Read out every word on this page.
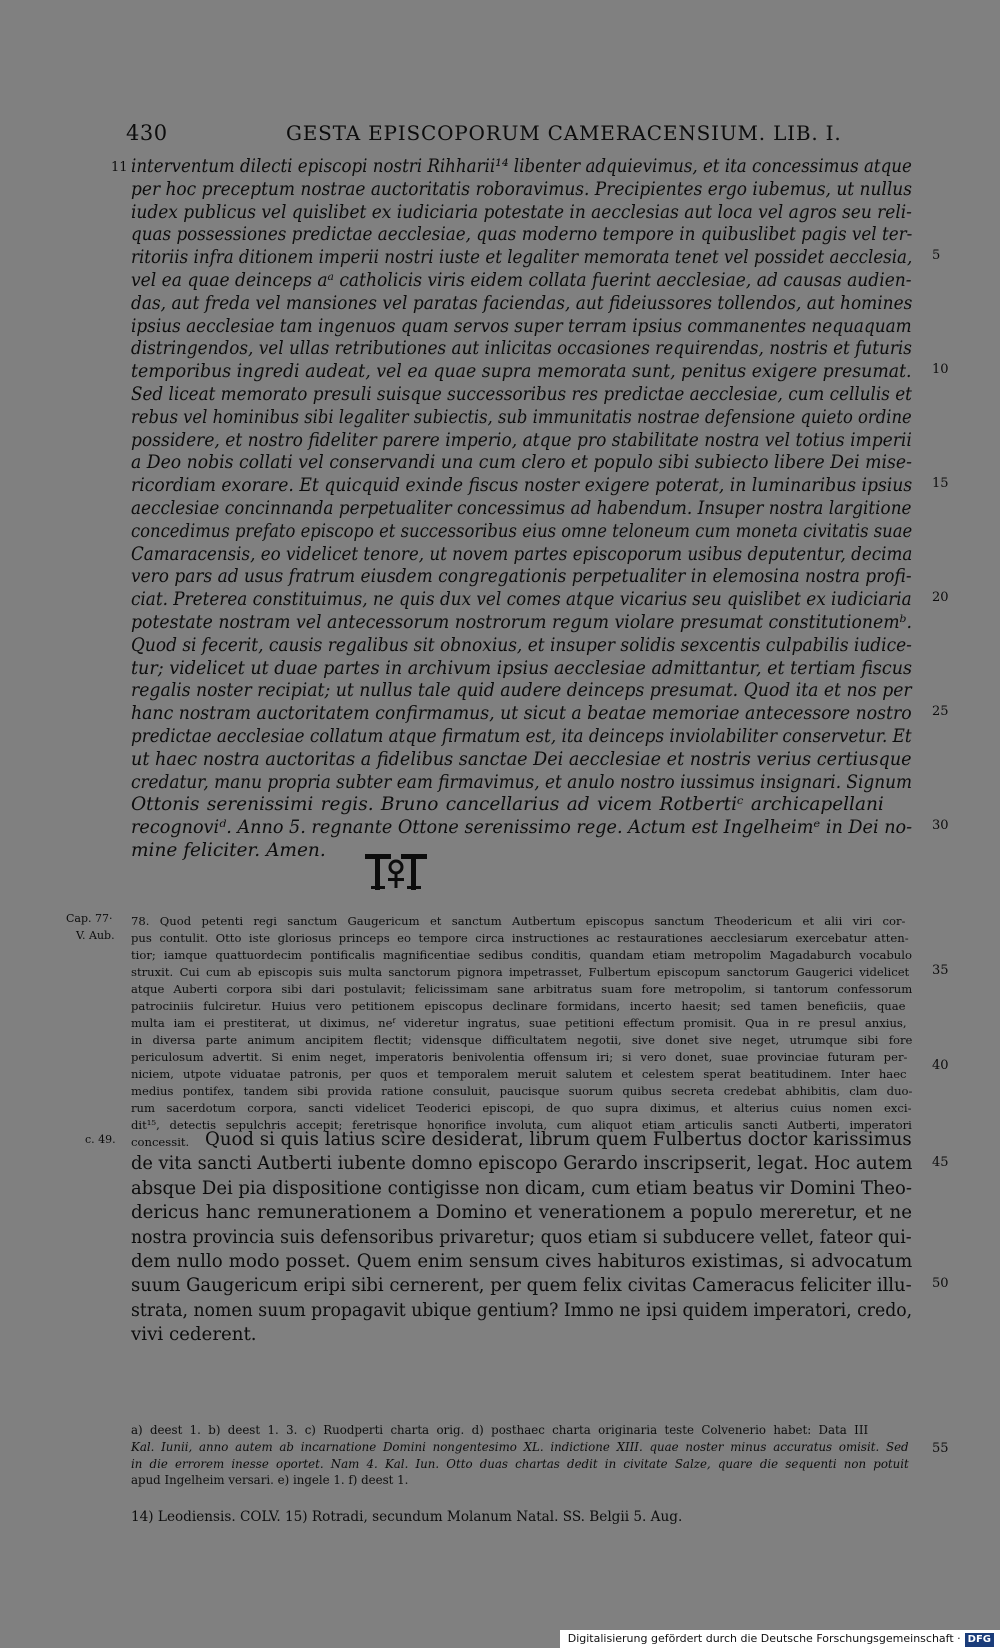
430	GESTA EPISCOPORUM CAMERACENSIUM. LIB. I.
interventum dilecti episcopi nostri Rihharii¹⁴ libenter adquievimus, et ita concessimus atque
per hoc preceptum nostrae auctoritatis roboravimus. Precipientes ergo iubemus, ut nullus
iudex publicus vel quislibet ex iudiciaria potestate in aecclesias aut loca vel agros seu reli-
quas possessiones predictae aecclesiae, quas moderno tempore in quibuslibet pagis vel ter-
ritoriis infra ditionem imperii nostri iuste et legaliter memorata tenet vel possidet aecclesia,
vel ea quae deinceps aᵃ catholicis viris eidem collata fuerint aecclesiae, ad causas audien-
das, aut freda vel mansiones vel paratas faciendas, aut fideiussores tollendos, aut homines
ipsius aecclesiae tam ingenuos quam servos super terram ipsius commanentes nequaquam
distringendos, vel ullas retributiones aut inlicitas occasiones requirendas, nostris et futuris
temporibus ingredi audeat, vel ea quae supra memorata sunt, penitus exigere presumat.
Sed liceat memorato presuli suisque successoribus res predictae aecclesiae, cum cellulis et
rebus vel hominibus sibi legaliter subiectis, sub immunitatis nostrae defensione quieto ordine
possidere, et nostro fideliter parere imperio, atque pro stabilitate nostra vel totius imperii
a Deo nobis collati vel conservandi una cum clero et populo sibi subiecto libere Dei mise-
ricordiam exorare. Et quicquid exinde fiscus noster exigere poterat, in luminaribus ipsius
aecclesiae concinnanda perpetualiter concessimus ad habendum. Insuper nostra largitione
concedimus prefato episcopo et successoribus eius omne teloneum cum moneta civitatis suae
Camaracensis, eo videlicet tenore, ut novem partes episcoporum usibus deputentur, decima
vero pars ad usus fratrum eiusdem congregationis perpetualiter in elemosina nostra profi-
ciat. Preterea constituimus, ne quis dux vel comes atque vicarius seu quislibet ex iudiciaria
potestate nostram vel antecessorum nostrorum regum violare presumat constitutionemᵇ.
Quod si fecerit, causis regalibus sit obnoxius, et insuper solidis sexcentis culpabilis iudice-
tur; videlicet ut duae partes in archivum ipsius aecclesiae admittantur, et tertiam fiscus
regalis noster recipiat; ut nullus tale quid audere deinceps presumat. Quod ita et nos per
hanc nostram auctoritatem confirmamus, ut sicut a beatae memoriae antecessore nostro
predictae aecclesiae collatum atque firmatum est, ita deinceps inviolabiliter conservetur. Et
ut haec nostra auctoritas a fidelibus sanctae Dei aecclesiae et nostris verius certiusque
credatur, manu propria subter eam firmavimus, et anulo nostro iussimus insignari. Signum
Ottonis serenissimi regis. Bruno cancellarius ad vicem Rotbertiᶜ archicapellani
recognoviᵈ. Anno 5. regnante Ottone serenissimo rege. Actum est Ingelheimᵉ in Dei no-
mine feliciter. Amen.
11
5
10
15
20
25
30
Cap. 77·
V. Aub.
c. 49.
78. Quod petenti regi sanctum Gaugericum et sanctum Autbertum episcopus sanctum Theodericum et alii viri cor-
pus contulit. Otto iste gloriosus princeps eo tempore circa instructiones ac restaurationes aecclesiarum exercebatur atten-
tior; iamque quattuordecim pontificalis magnificentiae sedibus conditis, quandam etiam metropolim Magadaburch vocabulo
struxit. Cui cum ab episcopis suis multa sanctorum pignora impetrasset, Fulbertum episcopum sanctorum Gaugerici videlicet
atque Auberti corpora sibi dari postulavit; felicissimam sane arbitratus suam fore metropolim, si tantorum confessorum
patrociniis fulciretur. Huius vero petitionem episcopus declinare formidans, incerto haesit; sed tamen beneficiis, quae
multa iam ei prestiterat, ut diximus, neᶠ videretur ingratus, suae petitioni effectum promisit. Qua in re presul anxius,
in diversa parte animum ancipitem flectit; vidensque difficultatem negotii, sive donet sive neget, utrumque sibi fore
periculosum advertit. Si enim neget, imperatoris benivolentia offensum iri; si vero donet, suae provinciae futuram per-
niciem, utpote viduatae patronis, per quos et temporalem meruit salutem et celestem sperat beatitudinem. Inter haec
medius pontifex, tandem sibi provida ratione consuluit, paucisque suorum quibus secreta credebat abhibitis, clam duo-
rum sacerdotum corpora, sancti videlicet Teoderici episcopi, de quo supra diximus, et alterius cuius nomen exci-
dit¹⁵, detectis sepulchris accepit; feretrisque honorifice involuta, cum aliquot etiam articulis sancti Autberti, imperatori
concessit. Quod si quis latius scire desiderat, librum quem Fulbertus doctor karissimus
de vita sancti Autberti iubente domno episcopo Gerardo inscripserit, legat. Hoc autem
absque Dei pia dispositione contigisse non dicam, cum etiam beatus vir Domini Theo-
dericus hanc remunerationem a Domino et venerationem a populo mereretur, et ne
nostra provincia suis defensoribus privaretur; quos etiam si subducere vellet, fateor qui-
dem nullo modo posset. Quem enim sensum cives habituros existimas, si advocatum
suum Gaugericum eripi sibi cernerent, per quem felix civitas Cameracus feliciter illu-
strata, nomen suum propagavit ubique gentium? Immo ne ipsi quidem imperatori, credo,
vivi cederent.
35
40
45
50
14) Leodiensis. COLV. 15) Rotradi, secundum Molanum Natal. SS. Belgii 5. Aug.
a) deest 1. b) deest 1. 3. c) Ruodperti charta orig. d) posthaec charta originaria teste Colvenerio habet: Data III
Kal. Iunii, anno autem ab incarnatione Domini nongentesimo XL. indictione XIII. quae noster minus accuratus omisit. Sed
in die errorem inesse oportet. Nam 4. Kal. Iun. Otto duas chartas dedit in civitate Salze, quare die sequenti non potuit
apud Ingelheim versari. e) ingele 1. f) deest 1.
55
Digitalisierung gefördert durch die Deutsche Forschungsgemeinschaft · DFG
